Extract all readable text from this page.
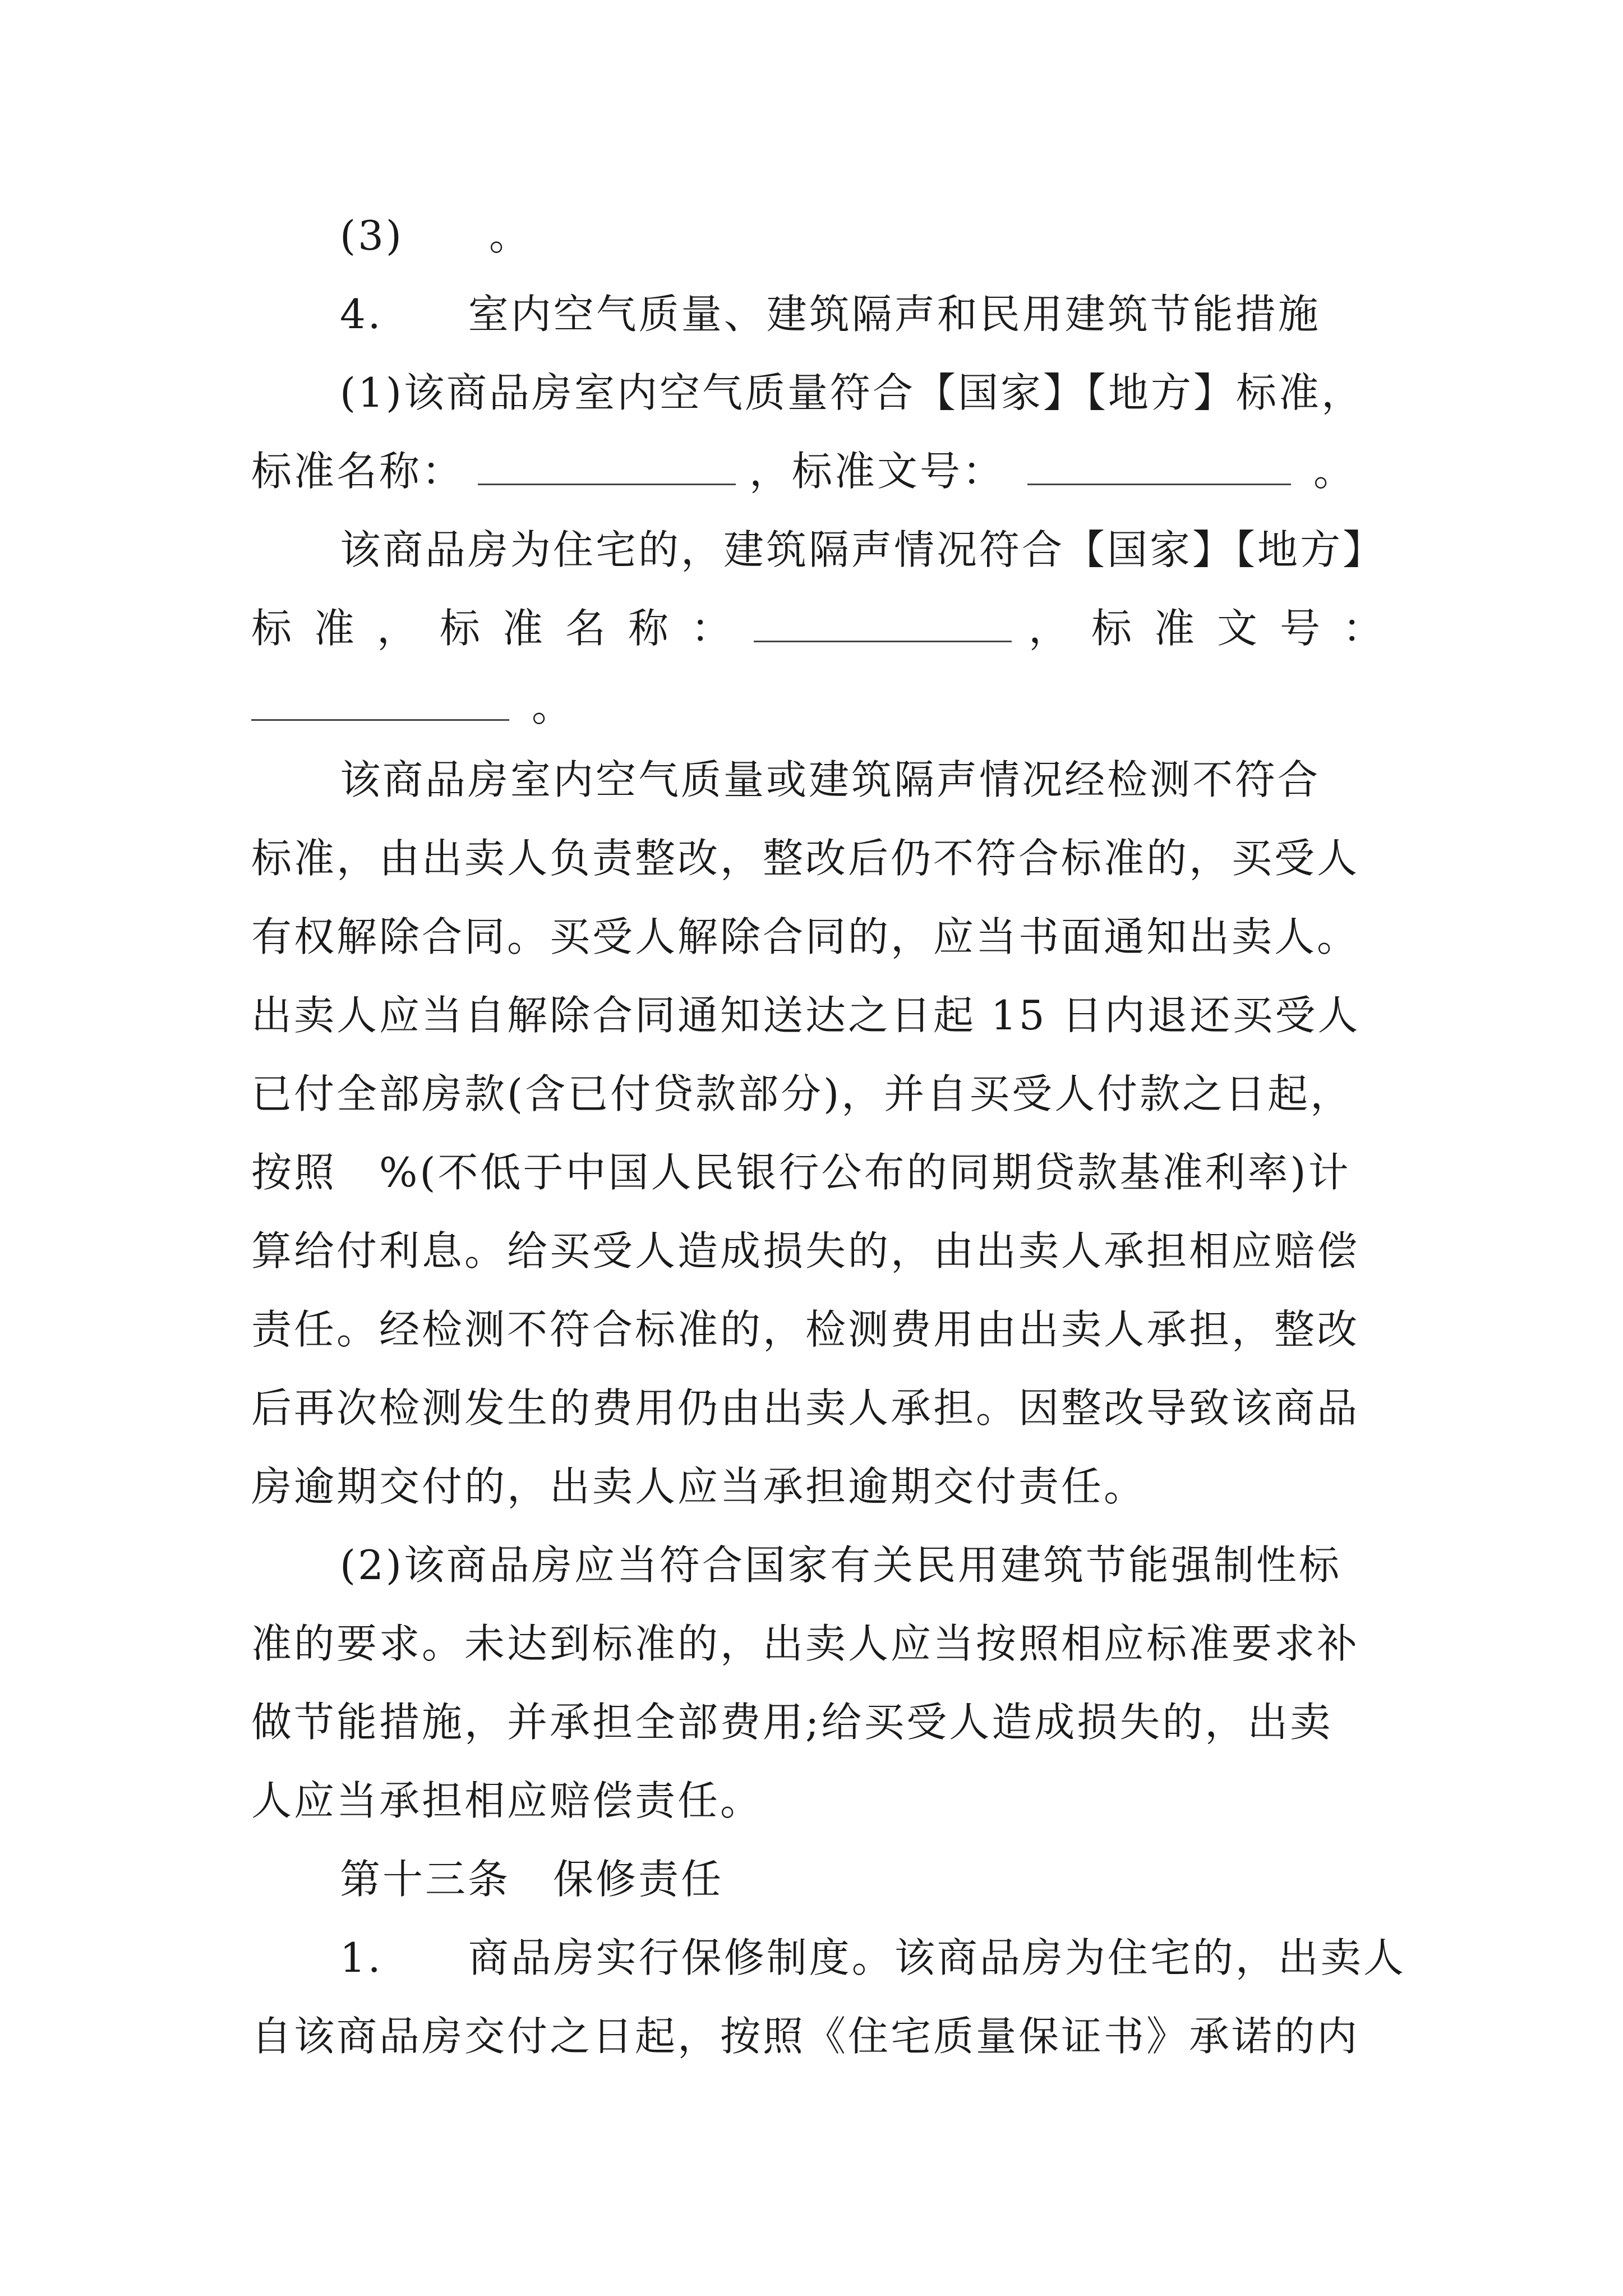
(3)　　。
4.　　室内空气质量、建筑隔声和民用建筑节能措施
(1)该商品房室内空气质量符合【国家】【地方】标准，
标准名称：	，标准文号：	。
该商品房为住宅的，建筑隔声情况符合【国家】【地方】
标准，标准名称：	，标准文号：
。
该商品房室内空气质量或建筑隔声情况经检测不符合
标准，由出卖人负责整改，整改后仍不符合标准的，买受人
有权解除合同。买受人解除合同的，应当书面通知出卖人。
出卖人应当自解除合同通知送达之日起 15 日内退还买受人
已付全部房款(含已付贷款部分)，并自买受人付款之日起，
按照　%(不低于中国人民银行公布的同期贷款基准利率)计
算给付利息。给买受人造成损失的，由出卖人承担相应赔偿
责任。经检测不符合标准的，检测费用由出卖人承担，整改
后再次检测发生的费用仍由出卖人承担。因整改导致该商品
房逾期交付的，出卖人应当承担逾期交付责任。
(2)该商品房应当符合国家有关民用建筑节能强制性标
准的要求。未达到标准的，出卖人应当按照相应标准要求补
做节能措施，并承担全部费用;给买受人造成损失的，出卖
人应当承担相应赔偿责任。
第十三条　保修责任
1.　　商品房实行保修制度。该商品房为住宅的，出卖人
自该商品房交付之日起，按照《住宅质量保证书》承诺的内
